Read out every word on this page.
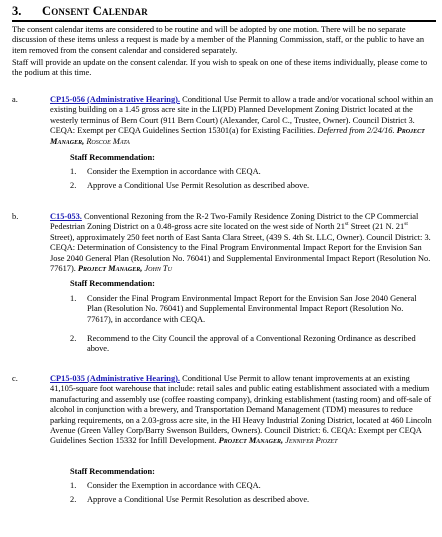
3. Consent Calendar
The consent calendar items are considered to be routine and will be adopted by one motion. There will be no separate discussion of these items unless a request is made by a member of the Planning Commission, staff, or the public to have an item removed from the consent calendar and considered separately.
Staff will provide an update on the consent calendar. If you wish to speak on one of these items individually, please come to the podium at this time.
a.	CP15-056 (Administrative Hearing). Conditional Use Permit to allow a trade and/or vocational school within an existing building on a 1.45 gross acre site in the LI(PD) Planned Development Zoning District located at the westerly terminus of Bern Court (911 Bern Court) (Alexander, Carol C., Trustee, Owner). Council District 3. CEQA: Exempt per CEQA Guidelines Section 15301(a) for Existing Facilities. Deferred from 2/24/16. Project Manager, Roscoe Mata
Staff Recommendation:
1. Consider the Exemption in accordance with CEQA.
2. Approve a Conditional Use Permit Resolution as described above.
b.	C15-053. Conventional Rezoning from the R-2 Two-Family Residence Zoning District to the CP Commercial Pedestrian Zoning District on a 0.48-gross acre site located on the west side of North 21st Street (21 N. 21st Street), approximately 250 feet north of East Santa Clara Street, (439 S. 4th St. LLC, Owner). Council District: 3. CEQA: Determination of Consistency to the Final Program Environmental Impact Report for the Envision San Jose 2040 General Plan (Resolution No. 76041) and Supplemental Environmental Impact Report (Resolution No. 77617). Project Manager, John Tu
Staff Recommendation:
1. Consider the Final Program Environmental Impact Report for the Envision San Jose 2040 General Plan (Resolution No. 76041) and Supplemental Environmental Impact Report (Resolution No. 77617), in accordance with CEQA.
2. Recommend to the City Council the approval of a Conventional Rezoning Ordinance as described above.
c.	CP15-035 (Administrative Hearing). Conditional Use Permit to allow tenant improvements at an existing 41,105-square foot warehouse that include: retail sales and public eating establishment associated with a medium manufacturing and assembly use (coffee roasting company), drinking establishment (tasting room) and off-sale of alcohol in conjunction with a brewery, and Transportation Demand Management (TDM) measures to reduce parking requirements, on a 2.03-gross acre site, in the HI Heavy Industrial Zoning District, located at 460 Lincoln Avenue (Green Valley Corp/Barry Swenson Builders, Owners). Council District: 6. CEQA: Exempt per CEQA Guidelines Section 15332 for Infill Development. Project Manager, Jennifer Piozet
Staff Recommendation:
1. Consider the Exemption in accordance with CEQA.
2. Approve a Conditional Use Permit Resolution as described above.
